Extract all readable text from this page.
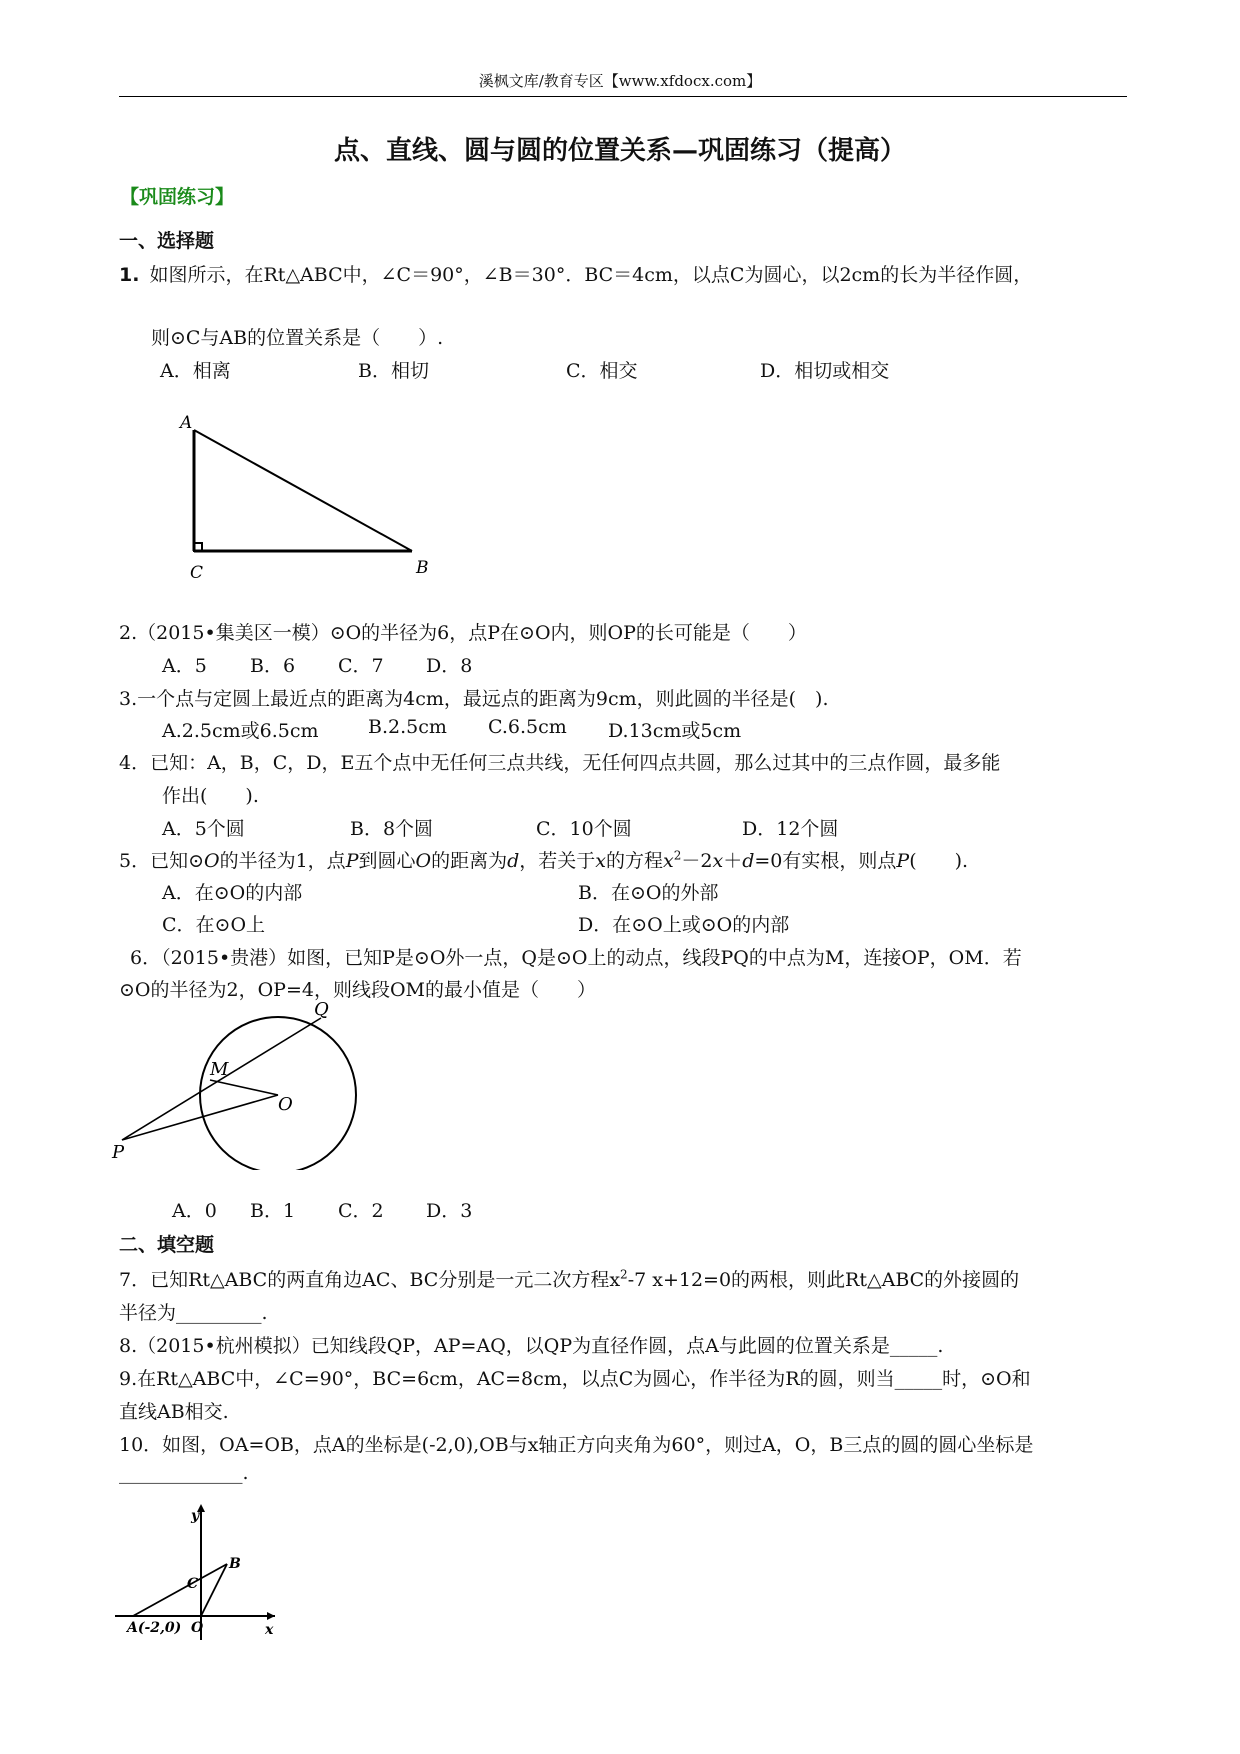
溪枫文库/教育专区【www.xfdocx.com】
点、直线、圆与圆的位置关系—巩固练习（提高）
【巩固练习】
一、选择题
1. 如图所示，在Rt△ABC中，∠C＝90°，∠B＝30°．BC＝4cm，以点C为圆心，以2cm的长为半径作圆，
则⊙C与AB的位置关系是（　　）.
A．相离	B．相切	C．相交	D．相切或相交
A
C	B
2.（2015•集美区一模）⊙O的半径为6，点P在⊙O内，则OP的长可能是（　　）
A．5 B．6 C．7 D．8
3.一个点与定圆上最近点的距离为4cm，最远点的距离为9cm，则此圆的半径是(　).
A.2.5cm或6.5cm	B.2.5cm C.6.5cm D.13cm或5cm
4．已知：A，B，C，D，E五个点中无任何三点共线，无任何四点共圆，那么过其中的三点作圆，最多能
作出(　　).
A．5个圆	B．8个圆	C．10个圆	D．12个圆
5．已知⊙O的半径为1，点P到圆心O的距离为d，若关于x的方程$x^2-2x+d=0$有实根，则点P(　　).
A．在⊙O的内部	B．在⊙O的外部
C．在⊙O上	D．在⊙O上或⊙O的内部
6．（2015•贵港）如图，已知P是⊙O外一点，Q是⊙O上的动点，线段PQ的中点为M，连接OP，OM．若
⊙O的半径为2，OP=4，则线段OM的最小值是（　　）
Q
M
O
P
A．0 B．1 C．2 D．3
二、填空题
7．已知Rt△ABC的两直角边AC、BC分别是一元二次方程$x^2-7$ x+12=0的两根，则此Rt△ABC的外接圆的
半径为_________.
8.（2015•杭州模拟）已知线段QP，AP=AQ，以QP为直径作圆，点A与此圆的位置关系是_____.
9.在Rt△ABC中，∠C=90°，BC=6cm，AC=8cm，以点C为圆心，作半径为R的圆，则当_____时，⊙O和
直线AB相交.
10．如图，OA=OB，点A的坐标是(-2,0),OB与x轴正方向夹角为60°，则过A，O，B三点的圆的圆心坐标是
_____________.
y
B
C
A(-2,0) O	x
